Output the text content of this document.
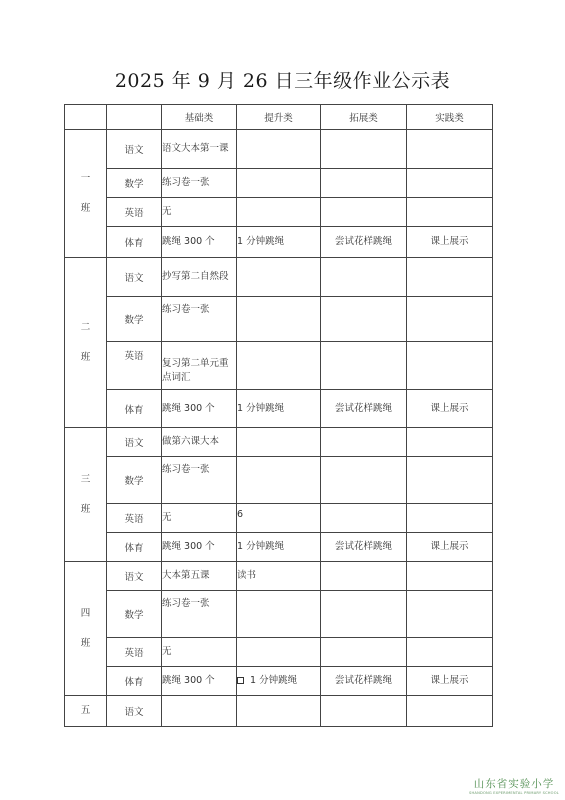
2025 年 9 月 26 日三年级作业公示表
		基础类	提升类	拓展类	实践类

一
班	语文	语文大本第一课			
	数学	练习卷一张			
	英语	无			
	体育	跳绳 300 个	1 分钟跳绳	尝试花样跳绳	课上展示

二
班	语文	抄写第二自然段			
	数学	练习卷一张			
	英语	复习第二单元重点词汇			
	体育	跳绳 300 个	1 分钟跳绳	尝试花样跳绳	课上展示

三
班	语文	做第六课大本			
	数学	练习卷一张			
	英语	无	6		
	体育	跳绳 300 个	1 分钟跳绳	尝试花样跳绳	课上展示

四
班	语文	大本第五课	读书		
	数学	练习卷一张			
	英语	无			
	体育	跳绳 300 个	1 分钟跳绳	尝试花样跳绳	课上展示

五	语文				
山东省实验小学
SHANDONG EXPERIMENTAL PRIMARY SCHOOL
